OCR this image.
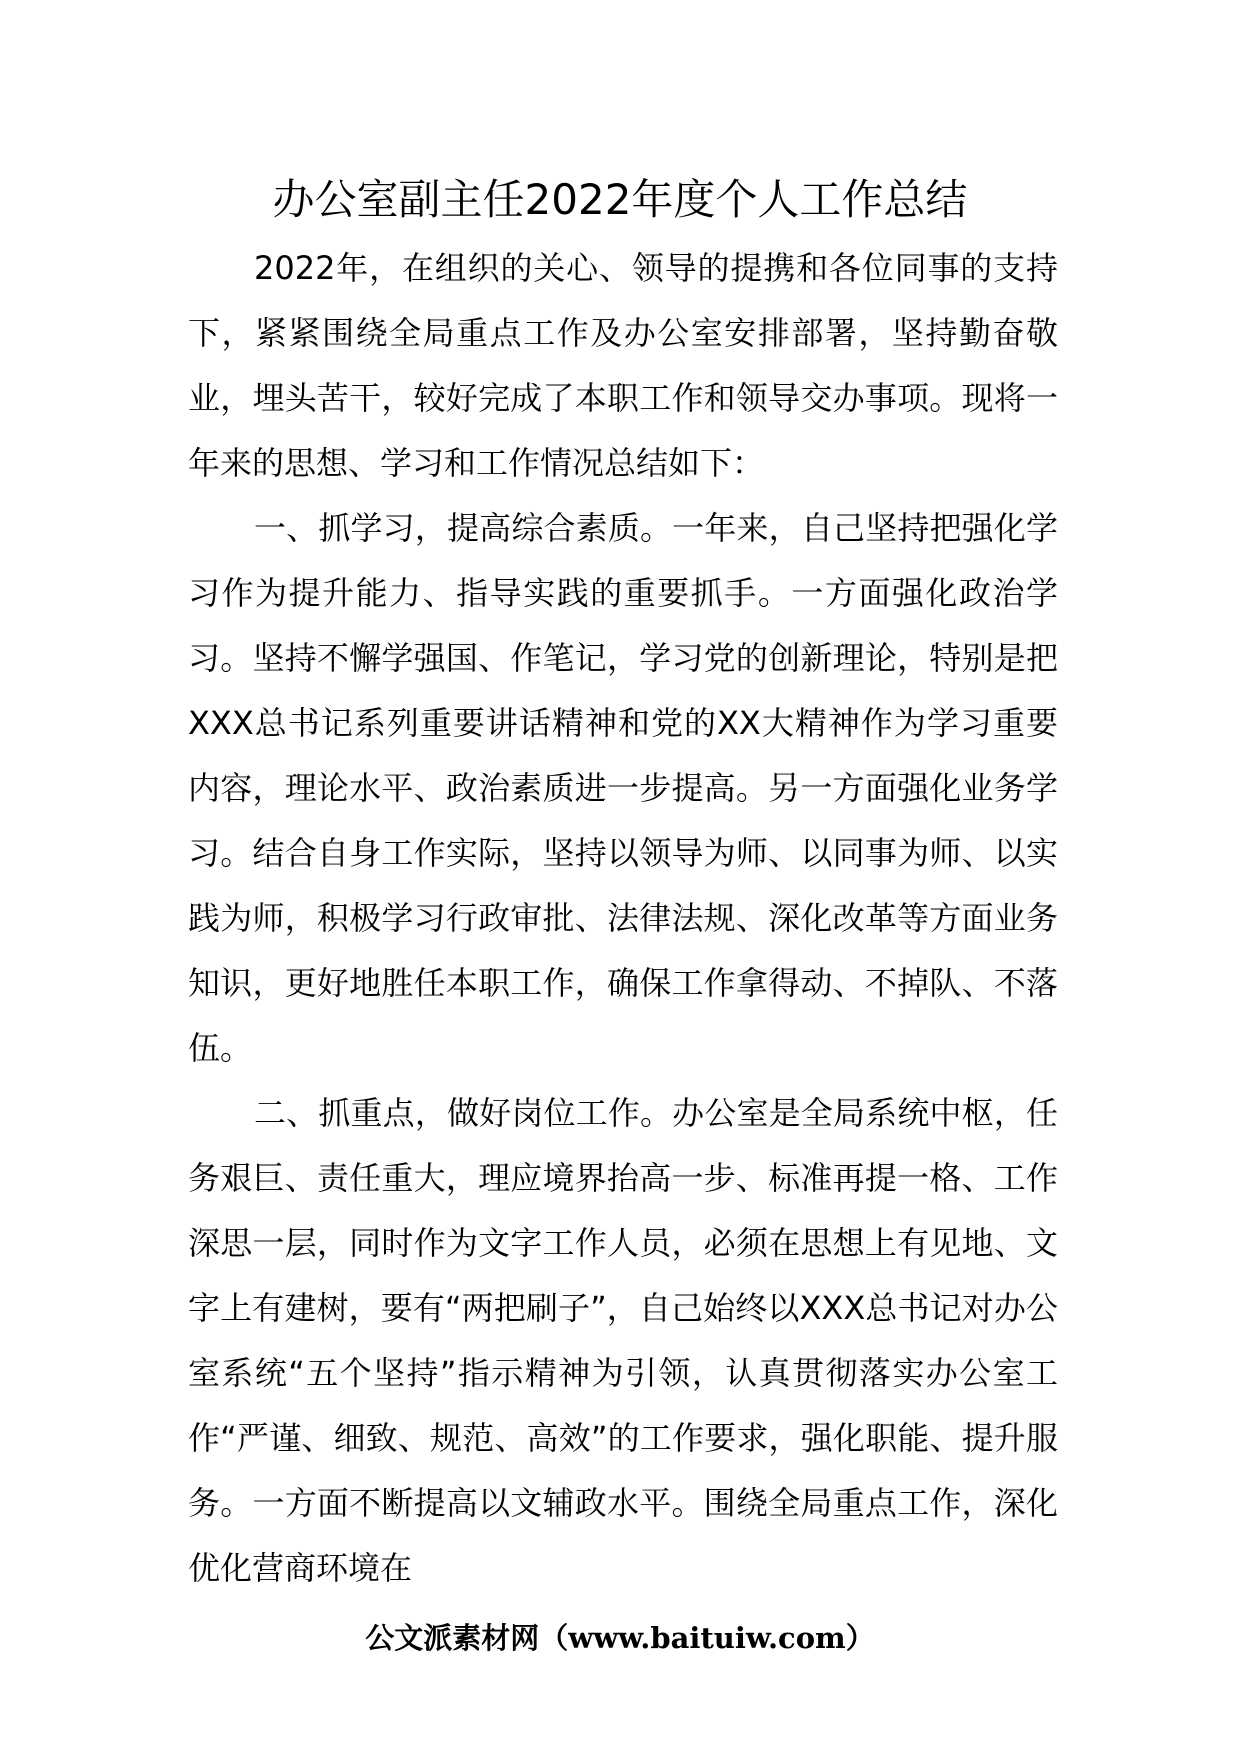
办公室副主任2022年度个人工作总结

2022年，在组织的关心、领导的提携和各位同事的支持下，紧紧围绕全局重点工作及办公室安排部署，坚持勤奋敬业，埋头苦干，较好完成了本职工作和领导交办事项。现将一年来的思想、学习和工作情况总结如下：

一、抓学习，提高综合素质。一年来，自己坚持把强化学习作为提升能力、指导实践的重要抓手。一方面强化政治学习。坚持不懈学强国、作笔记，学习党的创新理论，特别是把XXX总书记系列重要讲话精神和党的XX大精神作为学习重要内容，理论水平、政治素质进一步提高。另一方面强化业务学习。结合自身工作实际，坚持以领导为师、以同事为师、以实践为师，积极学习行政审批、法律法规、深化改革等方面业务知识，更好地胜任本职工作，确保工作拿得动、不掉队、不落伍。

二、抓重点，做好岗位工作。办公室是全局系统中枢，任务艰巨、责任重大，理应境界抬高一步、标准再提一格、工作深思一层，同时作为文字工作人员，必须在思想上有见地、文字上有建树，要有“两把刷子”，自己始终以XXX总书记对办公室系统“五个坚持”指示精神为引领，认真贯彻落实办公室工作“严谨、细致、规范、高效”的工作要求，强化职能、提升服务。一方面不断提高以文辅政水平。围绕全局重点工作，深化优化营商环境在

公文派素材网（www.baituiw.com）
